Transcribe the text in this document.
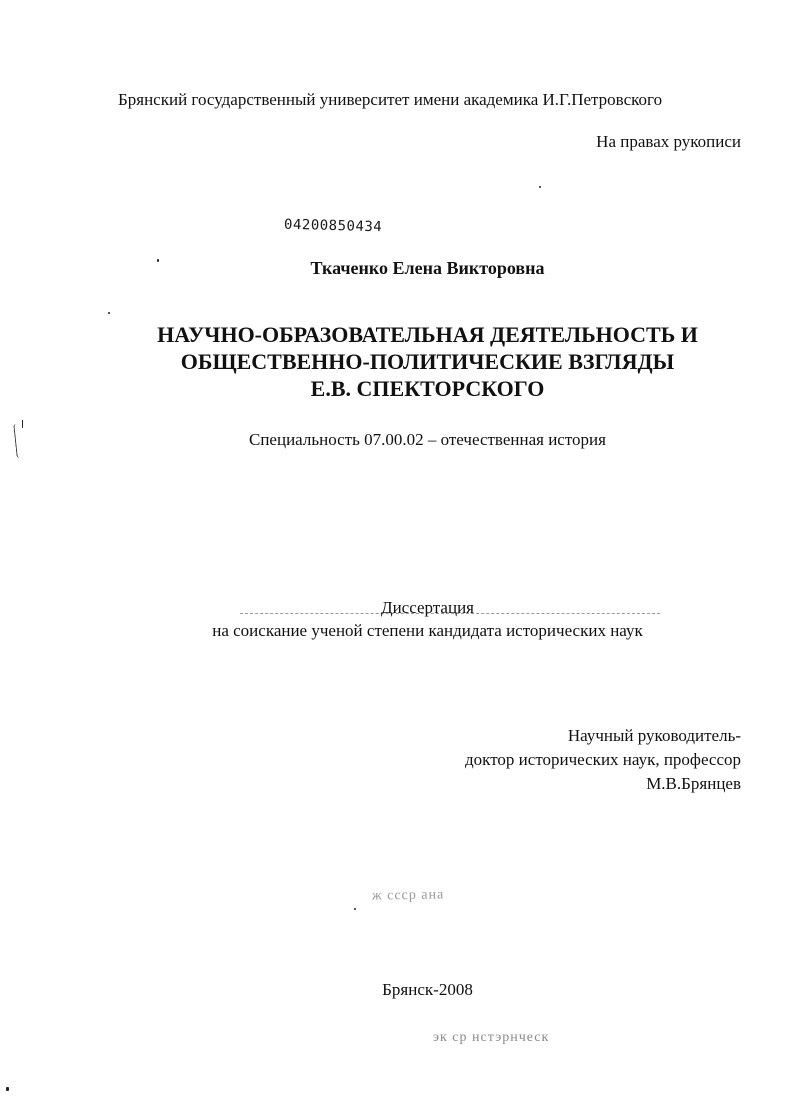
Брянский государственный университет имени академика И.Г.Петровского
На правах рукописи
04200850434
Ткаченко Елена Викторовна
НАУЧНО-ОБРАЗОВАТЕЛЬНАЯ ДЕЯТЕЛЬНОСТЬ И
ОБЩЕСТВЕННО-ПОЛИТИЧЕСКИЕ ВЗГЛЯДЫ
Е.В. СПЕКТОРСКОГО
Специальность 07.00.02 – отечественная история
Диссертация
на соискание ученой степени кандидата исторических наук
Научный руководитель-
доктор исторических наук, профессор
М.В.Брянцев
ж ссср ана
Брянск-2008
эк ср нстэрнческ
